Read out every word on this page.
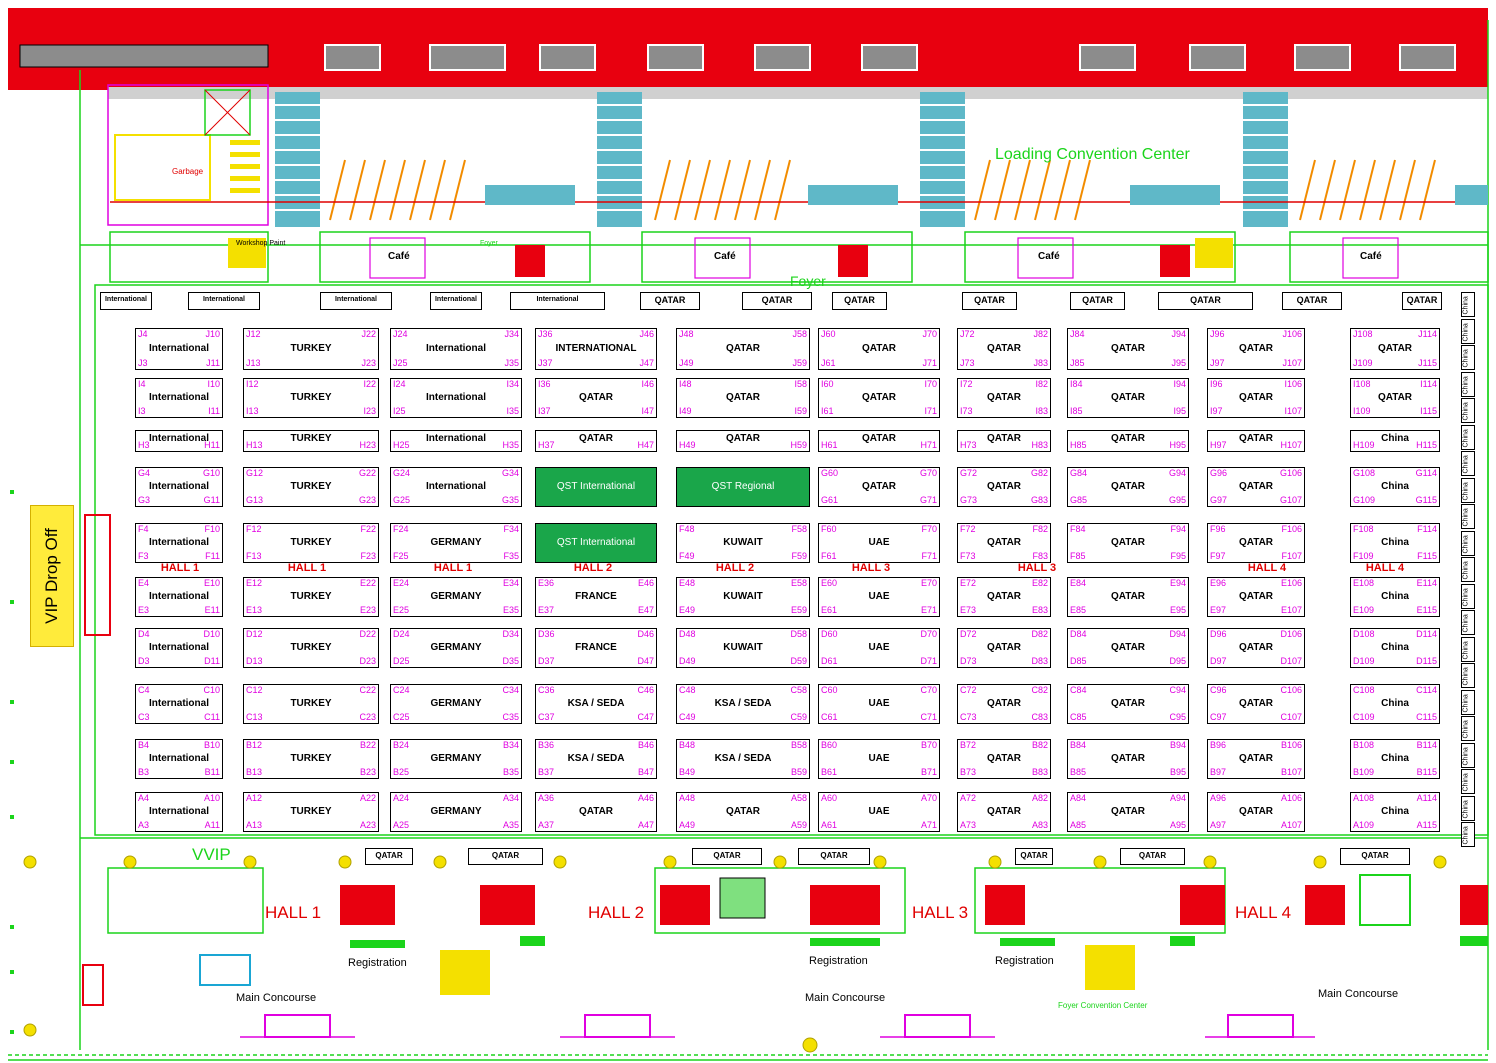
Loading Convention Center
Foyer
Garbage
Workshop Paint	Foyer
Café	Café	Café	Café
VIP Drop Off
VVIP
International	International	International	International	International	QATAR	QATAR	QATAR	QATAR	QATAR	QATAR	QATAR	QATAR
International
J4	J10
J3	J11
TURKEY
J12	J22
J13	J23
International
J24	J34
J25	J35
INTERNATIONAL
J36	J46
J37	J47
QATAR
J48	J58
J49	J59
QATAR
J60	J70
J61	J71
QATAR
J72	J82
J73	J83
QATAR
J84	J94
J85	J95
QATAR
J96	J106
J97	J107
QATAR
J108	J114
J109	J115
International
I4	I10
I3	I11
TURKEY
I12	I22
I13	I23
International
I24	I34
I25	I35
QATAR
I36	I46
I37	I47
QATAR
I48	I58
I49	I59
QATAR
I60	I70
I61	I71
QATAR
I72	I82
I73	I83
QATAR
I84	I94
I85	I95
QATAR
I96	I106
I97	I107
QATAR
I108	I114
I109	I115
International
H3	H11
TURKEY
H13	H23
International
H25	H35
QATAR
H37	H47
QATAR
H49	H59
QATAR
H61	H71
QATAR
H73	H83
QATAR
H85	H95
QATAR
H97	H107
China
H109	H115
International
G4	G10
G3	G11
TURKEY
G12	G22
G13	G23
International
G24	G34
G25	G35
QST International	QST Regional	QATAR
G60	G70
G61	G71
QATAR
G72	G82
G73	G83
QATAR
G84	G94
G85	G95
QATAR
G96	G106
G97	G107
China
G108	G114
G109	G115
International
F4	F10
F3	F11
TURKEY
F12	F22
F13	F23
GERMANY
F24	F34
F25	F35
QST International	KUWAIT
F48	F58
F49	F59
UAE
F60	F70
F61	F71
QATAR
F72	F82
F73	F83
QATAR
F84	F94
F85	F95
QATAR
F96	F106
F97	F107
China
F108	F114
F109	F115
International
E4	E10
E3	E11
TURKEY
E12	E22
E13	E23
GERMANY
E24	E34
E25	E35
FRANCE
E36	E46
E37	E47
KUWAIT
E48	E58
E49	E59
UAE
E60	E70
E61	E71
QATAR
E72	E82
E73	E83
QATAR
E84	E94
E85	E95
QATAR
E96	E106
E97	E107
China
E108	E114
E109	E115
International
D4	D10
D3	D11
TURKEY
D12	D22
D13	D23
GERMANY
D24	D34
D25	D35
FRANCE
D36	D46
D37	D47
KUWAIT
D48	D58
D49	D59
UAE
D60	D70
D61	D71
QATAR
D72	D82
D73	D83
QATAR
D84	D94
D85	D95
QATAR
D96	D106
D97	D107
China
D108	D114
D109	D115
International
C4	C10
C3	C11
TURKEY
C12	C22
C13	C23
GERMANY
C24	C34
C25	C35
KSA / SEDA
C36	C46
C37	C47
KSA / SEDA
C48	C58
C49	C59
UAE
C60	C70
C61	C71
QATAR
C72	C82
C73	C83
QATAR
C84	C94
C85	C95
QATAR
C96	C106
C97	C107
China
C108	C114
C109	C115
International
B4	B10
B3	B11
TURKEY
B12	B22
B13	B23
GERMANY
B24	B34
B25	B35
KSA / SEDA
B36	B46
B37	B47
KSA / SEDA
B48	B58
B49	B59
UAE
B60	B70
B61	B71
QATAR
B72	B82
B73	B83
QATAR
B84	B94
B85	B95
QATAR
B96	B106
B97	B107
China
B108	B114
B109	B115
International
A4	A10
A3	A11
TURKEY
A12	A22
A13	A23
GERMANY
A24	A34
A25	A35
QATAR
A36	A46
A37	A47
QATAR
A48	A58
A49	A59
UAE
A60	A70
A61	A71
QATAR
A72	A82
A73	A83
QATAR
A84	A94
A85	A95
QATAR
A96	A106
A97	A107
China
A108	A114
A109	A115
HALL 1	HALL 1	HALL 1	HALL 2	HALL 2	HALL 3	HALL 3	HALL 4	HALL 4
China
China
China
China
China
China
China
China
China
China
China
China
China
China
China
China
China
China
China
China
China
HALL 1	HALL 2	HALL 3	HALL 4
QATAR	QATAR	QATAR	QATAR	QATAR	QATAR	QATAR
Registration	Registration	Registration
Main Concourse	Main Concourse	Main Concourse
Foyer Convention Center
